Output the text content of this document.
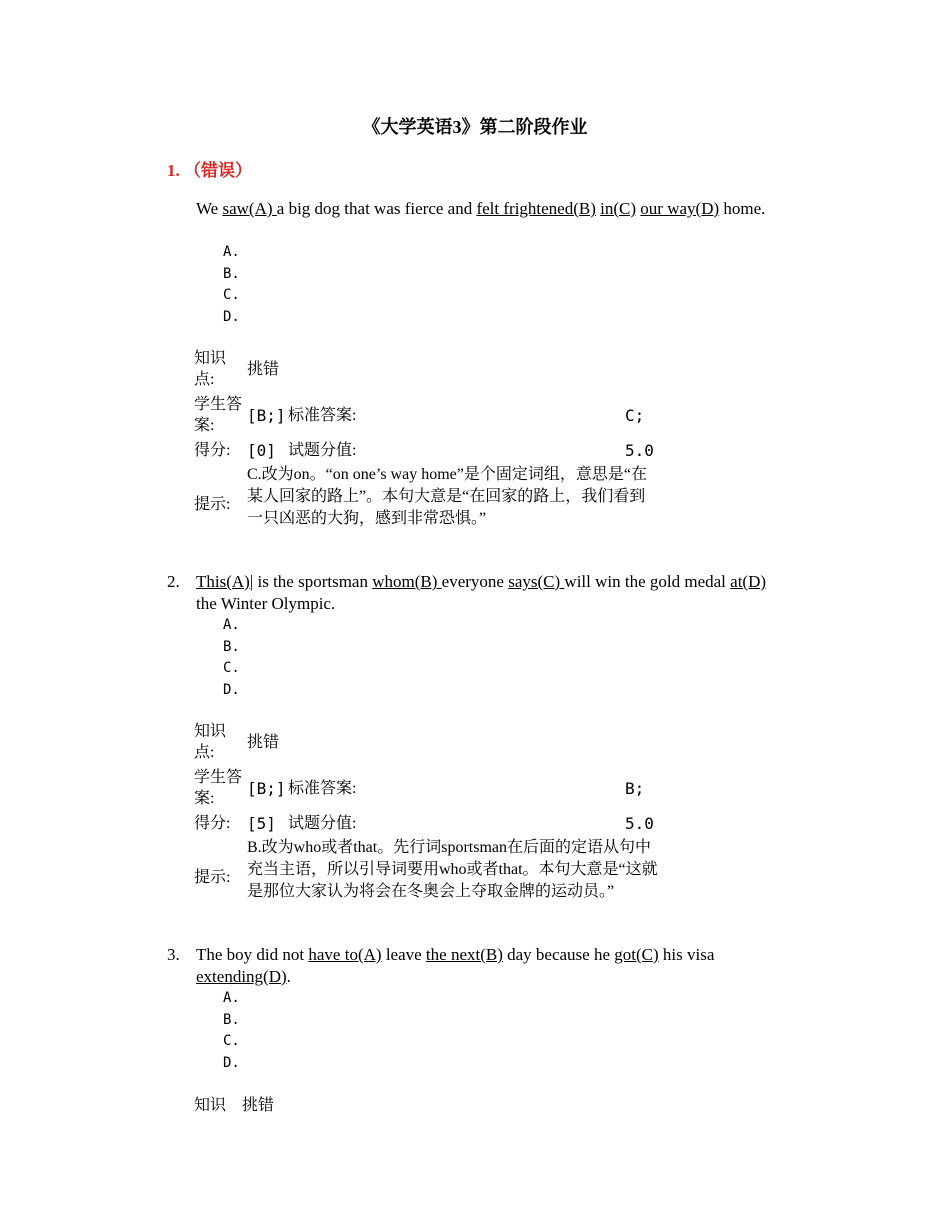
《大学英语3》第二阶段作业
1. （错误）
We saw(A) a big dog that was fierce and felt frightened(B) in(C) our way(D) home.
A.
B.
C.
D.
知识点:
挑错
学生答案:
[B;] 标准答案:	C;
得分:	[0] 试题分值:	5.0
提示:
C.改为on。“on one’s way home”是个固定词组，意思是“在某人回家的路上”。本句大意是“在回家的路上，我们看到一只凶恶的大狗，感到非常恐惧。”
2. This(A)| is the sportsman whom(B) everyone says(C) will win the gold medal at(D) the Winter Olympic.
A.
B.
C.
D.
知识点:
挑错
学生答案:
[B;] 标准答案:	B;
得分:	[5] 试题分值:	5.0
提示:
B.改为who或者that。先行词sportsman在后面的定语从句中充当主语，所以引导词要用who或者that。本句大意是“这就是那位大家认为将会在冬奥会上夺取金牌的运动员。”
3. The boy did not have to(A) leave the next(B) day because he got(C) his visa extending(D).
A.
B.
C.
D.
知识 挑错
